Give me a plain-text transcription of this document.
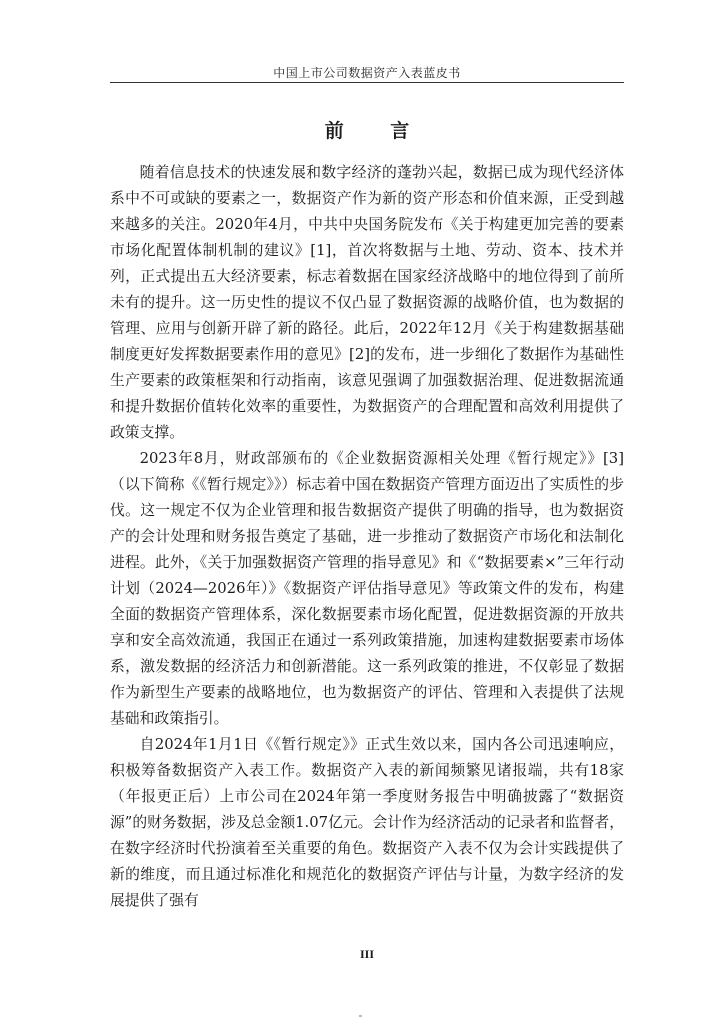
中国上市公司数据资产入表蓝皮书
前 言

随着信息技术的快速发展和数字经济的蓬勃兴起，数据已成为现代经济体系中不可或缺的要素之一，数据资产作为新的资产形态和价值来源，正受到越来越多的关注。2020年4月，中共中央国务院发布《关于构建更加完善的要素市场化配置体制机制的建议》[1]，首次将数据与土地、劳动、资本、技术并列，正式提出五大经济要素，标志着数据在国家经济战略中的地位得到了前所未有的提升。这一历史性的提议不仅凸显了数据资源的战略价值，也为数据的管理、应用与创新开辟了新的路径。此后，2022年12月《关于构建数据基础制度更好发挥数据要素作用的意见》[2]的发布，进一步细化了数据作为基础性生产要素的政策框架和行动指南，该意见强调了加强数据治理、促进数据流通和提升数据价值转化效率的重要性，为数据资产的合理配置和高效利用提供了政策支撑。

2023年8月，财政部颁布的《企业数据资源相关处理《暂行规定》》[3]（以下简称《《暂行规定》》）标志着中国在数据资产管理方面迈出了实质性的步伐。这一规定不仅为企业管理和报告数据资产提供了明确的指导，也为数据资产的会计处理和财务报告奠定了基础，进一步推动了数据资产市场化和法制化进程。此外，《关于加强数据资产管理的指导意见》和《“数据要素×”三年行动计划（2024—2026年）》《数据资产评估指导意见》等政策文件的发布，构建全面的数据资产管理体系，深化数据要素市场化配置，促进数据资源的开放共享和安全高效流通，我国正在通过一系列政策措施，加速构建数据要素市场体系，激发数据的经济活力和创新潜能。这一系列政策的推进，不仅彰显了数据作为新型生产要素的战略地位，也为数据资产的评估、管理和入表提供了法规基础和政策指引。

自2024年1月1日《《暂行规定》》正式生效以来，国内各公司迅速响应，积极筹备数据资产入表工作。数据资产入表的新闻频繁见诸报端，共有18家（年报更正后）上市公司在2024年第一季度财务报告中明确披露了“数据资源”的财务数据，涉及总金额1.07亿元。会计作为经济活动的记录者和监督者，在数字经济时代扮演着至关重要的角色。数据资产入表不仅为会计实践提供了新的维度，而且通过标准化和规范化的数据资产评估与计量，为数字经济的发展提供了强有

III
